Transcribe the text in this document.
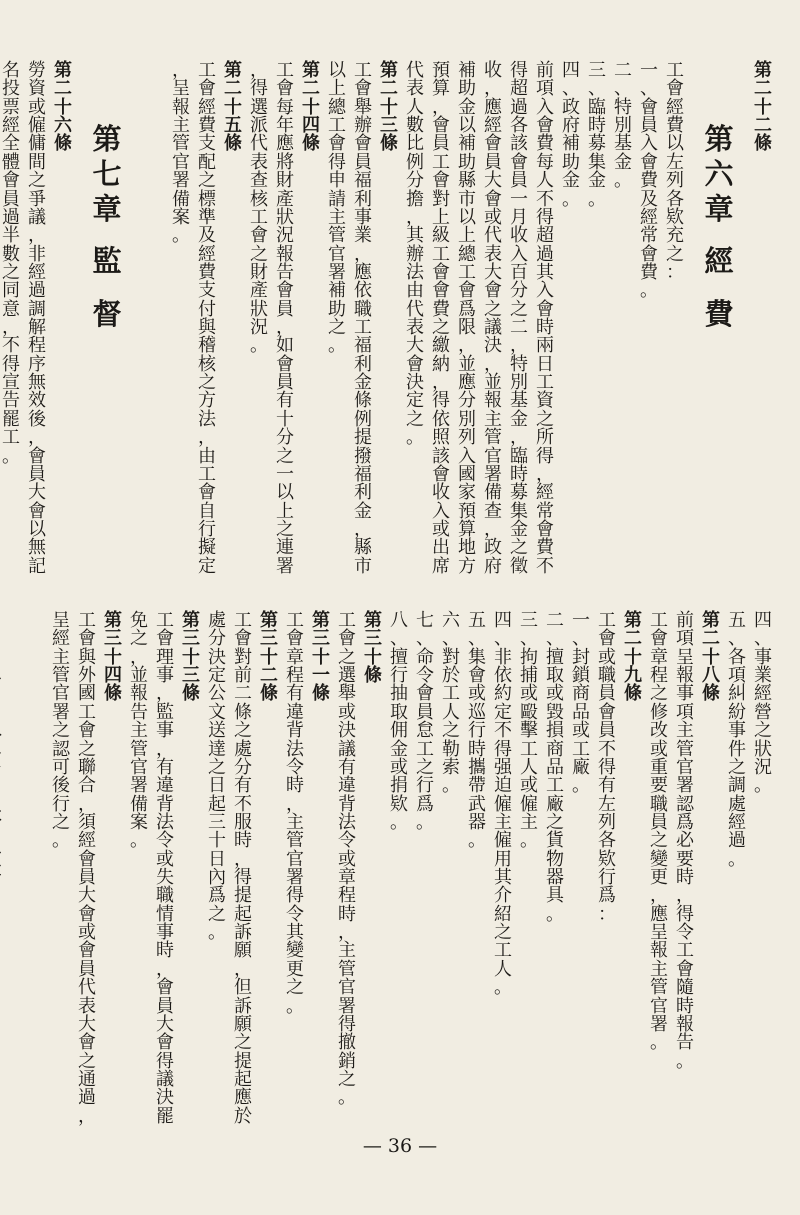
第
二
十
二
條
第
六
章
經
費
工
會
經
費
以
左
列
各
欵
充
之
：
一
、
會
員
入
會
費
及
經
常
會
費
。
二
、
特
別
基
金
。
三
、
臨
時
募
集
金
。
四
、
政
府
補
助
金
。
前
項
入
會
費
每
人
不
得
超
過
其
入
會
時
兩
日
工
資
之
所
得
，
經
常
會
費
不
得
超
過
各
該
會
員
一
月
收
入
百
分
之
二
，
特
別
基
金
，
臨
時
募
集
金
之
徵
收
，
應
經
會
員
大
會
或
代
表
大
會
之
議
決
，
並
報
主
管
官
署
備
查
，
政
府
補
助
金
以
補
助
縣
市
以
上
總
工
會
爲
限
，
並
應
分
別
列
入
國
家
預
算
地
方
預
算
，
會
員
工
會
對
上
級
工
會
會
費
之
繳
納
，
得
依
照
該
會
收
入
或
出
席
代
表
人
數
比
例
分
擔
，
其
辦
法
由
代
表
大
會
決
定
之
。
第
二
十
三
條
工
會
舉
辦
會
員
福
利
事
業
，
應
依
職
工
福
利
金
條
例
提
撥
福
利
金
，
縣
市
以
上
總
工
會
得
申
請
主
管
官
署
補
助
之
。
第
二
十
四
條
工
會
每
年
應
將
財
產
狀
況
報
告
會
員
，
如
會
員
有
十
分
之
一
以
上
之
連
署
，
得
選
派
代
表
查
核
工
會
之
財
產
狀
況
。
第
二
十
五
條
工
會
經
費
支
配
之
標
準
及
經
費
支
付
與
稽
核
之
方
法
，
由
工
會
自
行
擬
定
，
呈
報
主
管
官
署
備
案
。
第
七
章
監
督
第
二
十
六
條
勞
資
或
僱
傭
間
之
爭
議
，
非
經
過
調
解
程
序
無
效
後
，
會
員
大
會
以
無
記
名
投
票
經
全
體
會
員
過
半
數
之
同
意
，
不
得
宣
告
罷
工
。
四
、
事
業
經
營
之
狀
況
。
五
、
各
項
糾
紛
事
件
之
調
處
經
過
。
第
二
十
八
條
前
項
呈
報
事
項
主
管
官
署
認
爲
必
要
時
，
得
令
工
會
隨
時
報
告
。
工
會
章
程
之
修
改
或
重
要
職
員
之
變
更
，
應
呈
報
主
管
官
署
。
第
二
十
九
條
工
會
或
職
員
會
員
不
得
有
左
列
各
欵
行
爲
：
一
、
封
鎖
商
品
或
工
廠
。
二
、
擅
取
或
毀
損
商
品
工
廠
之
貨
物
器
具
。
三
、
拘
捕
或
毆
擊
工
人
或
僱
主
。
四
、
非
依
約
定
不
得
强
迫
僱
主
僱
用
其
介
紹
之
工
人
。
五
、
集
會
或
巡
行
時
攜
帶
武
器
。
六
、
對
於
工
人
之
勒
索
。
七
、
命
令
會
員
怠
工
之
行
爲
。
八
、
擅
行
抽
取
佣
金
或
捐
欵
。
第
三
十
條
工
會
之
選
舉
或
決
議
有
違
背
法
令
或
章
程
時
，
主
管
官
署
得
撤
銷
之
。
第
三
十
一
條
工
會
章
程
有
違
背
法
令
時
，
主
管
官
署
得
令
其
變
更
之
。
第
三
十
二
條
工
會
對
前
二
條
之
處
分
有
不
服
時
，
得
提
起
訴
願
，
但
訴
願
之
提
起
應
於
處
分
決
定
公
文
送
達
之
日
起
三
十
日
內
爲
之
。
第
三
十
三
條
工
會
理
事
，
監
事
，
有
違
背
法
令
或
失
職
情
事
時
，
會
員
大
會
得
議
決
罷
免
之
，
並
報
告
主
管
官
署
備
案
。
第
三
十
四
條
工
會
與
外
國
工
會
之
聯
合
，
須
經
會
員
大
會
或
會
員
代
表
大
會
之
通
過
，
呈
經
主
管
官
署
之
認
可
後
行
之
。
— 36 —
